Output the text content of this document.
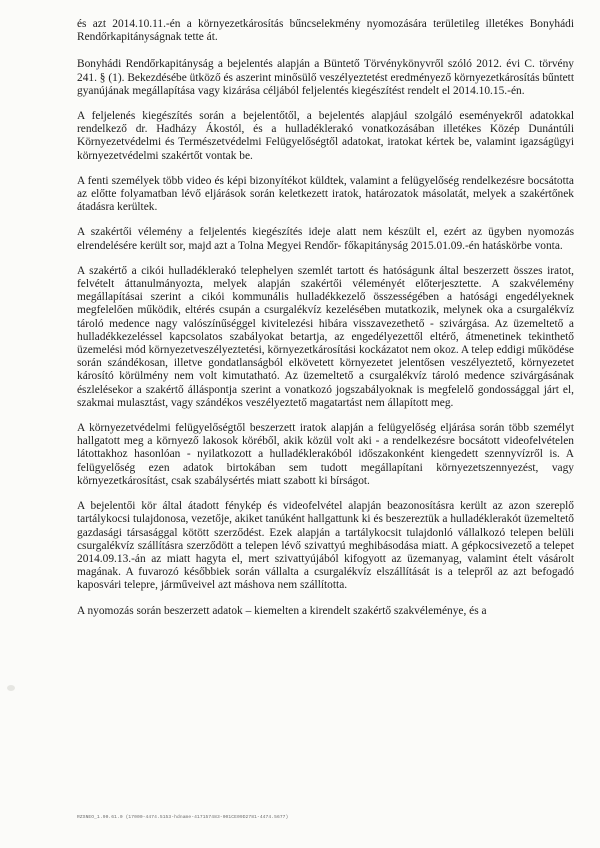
és azt 2014.10.11.-én a környezetkárosítás bűncselekmény nyomozására területileg illetékes Bonyhádi Rendőrkapitányságnak tette át.

Bonyhádi Rendőrkapitányság a bejelentés alapján a Büntető Törvénykönyvről szóló 2012. évi C. törvény 241. § (1). Bekezdésébe ütköző és aszerint minősülő veszélyeztetést eredményező környezetkárosítás bűntett gyanújának megállapítása vagy kizárása céljából feljelentés kiegészítést rendelt el 2014.10.15.-én.

A feljelenés kiegészítés során a bejelentőtől, a bejelentés alapjául szolgáló eseményekről adatokkal rendelkező dr. Hadházy Ákostól, és a hulladéklerakó vonatkozásában illetékes Közép Dunántúli Környezetvédelmi és Természetvédelmi Felügyelőségtől adatokat, iratokat kértek be, valamint igazságügyi környezetvédelmi szakértőt vontak be.

A fenti személyek több video és képi bizonyítékot küldtek, valamint a felügyelőség rendelkezésre bocsátotta az előtte folyamatban lévő eljárások során keletkezett iratok, határozatok másolatát, melyek a szakértőnek átadásra kerültek.

A szakértői vélemény a feljelentés kiegészítés ideje alatt nem készült el, ezért az ügyben nyomozás elrendelésére került sor, majd azt a Tolna Megyei Rendőr- főkapitányság 2015.01.09.-én hatáskörbe vonta.

A szakértő a cikói hulladéklerakó telephelyen szemlét tartott és hatóságunk által beszerzett összes iratot, felvételt áttanulmányozta, melyek alapján szakértői véleményét előterjesztette. A szakvélemény megállapításai szerint a cikói kommunális hulladékkezelő összességében a hatósági engedélyeknek megfelelően működik, eltérés csupán a csurgalékvíz kezelésében mutatkozik, melynek oka a csurgalékvíz tároló medence nagy valószínűséggel kivitelezési hibára visszavezethető - szivárgása. Az üzemeltető a hulladékkezeléssel kapcsolatos szabályokat betartja, az engedélyezettől eltérő, átmenetinek tekinthető üzemelési mód környezetveszélyeztetési, környezetkárosítási kockázatot nem okoz. A telep eddigi működése során szándékosan, illetve gondatlanságból elkövetett környezetet jelentősen veszélyeztető, környezetet károsító körülmény nem volt kimutatható. Az üzemeltető a csurgalékvíz tároló medence szivárgásának észlelésekor a szakértő álláspontja szerint a vonatkozó jogszabályoknak is megfelelő gondossággal járt el, szakmai mulasztást, vagy szándékos veszélyeztető magatartást nem állapított meg.

A környezetvédelmi felügyelőségtől beszerzett iratok alapján a felügyelőség eljárása során több személyt hallgatott meg a környező lakosok köréből, akik közül volt aki - a rendelkezésre bocsátott videofelvételen látottakhoz hasonlóan - nyilatkozott a hulladéklerakóból időszakonként kiengedett szennyvízről is. A felügyelőség ezen adatok birtokában sem tudott megállapítani környezetszennyezést, vagy környezetkárosítást, csak szabálysértés miatt szabott ki bírságot.

A bejelentői kör által átadott fénykép és videofelvétel alapján beazonosításra került az azon szereplő tartálykocsi tulajdonosa, vezetője, akiket tanúként hallgattunk ki és beszereztük a hulladéklerakót üzemeltető gazdasági társasággal kötött szerződést. Ezek alapján a tartálykocsit tulajdonló vállalkozó telepen belüli csurgalékvíz szállításra szerződött a telepen lévő szivattyú meghibásodása miatt. A gépkocsivezető a telepet 2014.09.13.-án az miatt hagyta el, mert szivattyújából kifogyott az üzemanyag, valamint ételt vásárolt magának. A fuvarozó későbbiek során vállalta a csurgalékvíz elszállítását is a telepről az azt befogadó kaposvári telepre, járműveivel azt máshova nem szállította.

A nyomozás során beszerzett adatok – kiemelten a kirendelt szakértő szakvéleménye, és a

RZSNEO_1.90.61.0 (17000-4474.5153-hdname-417157483-001CE09D2781-4474.5677)
